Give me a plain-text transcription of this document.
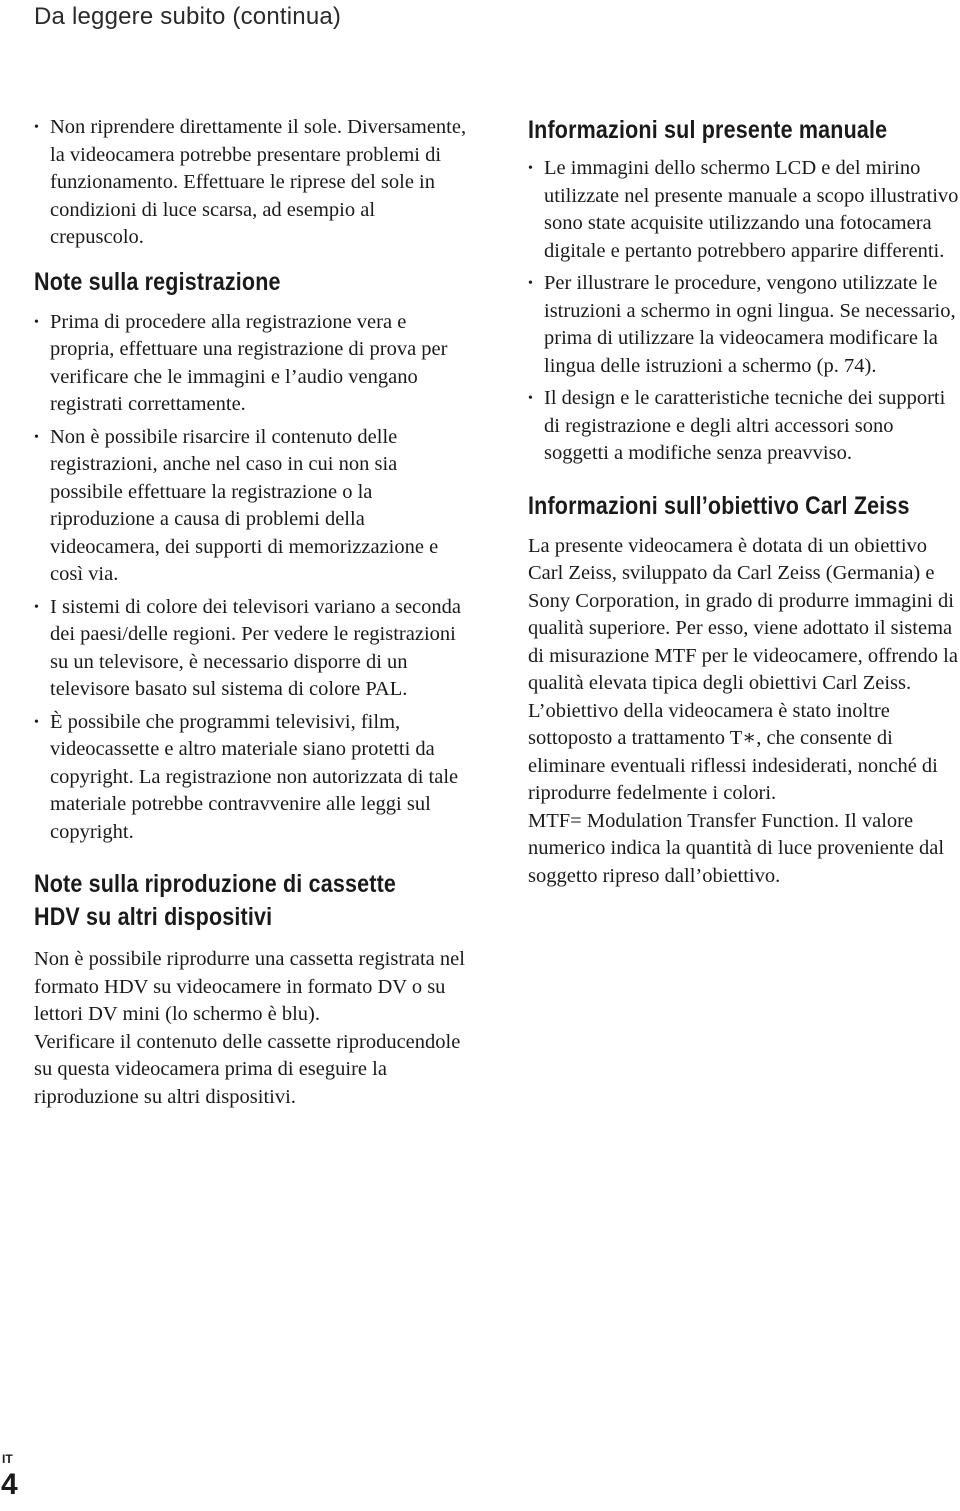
Da leggere subito (continua)
• Non riprendere direttamente il sole. Diversamente, la videocamera potrebbe presentare problemi di funzionamento. Effettuare le riprese del sole in condizioni di luce scarsa, ad esempio al crepuscolo.
Note sulla registrazione
• Prima di procedere alla registrazione vera e propria, effettuare una registrazione di prova per verificare che le immagini e l’audio vengano registrati correttamente.
• Non è possibile risarcire il contenuto delle registrazioni, anche nel caso in cui non sia possibile effettuare la registrazione o la riproduzione a causa di problemi della videocamera, dei supporti di memorizzazione e così via.
• I sistemi di colore dei televisori variano a seconda dei paesi/delle regioni. Per vedere le registrazioni su un televisore, è necessario disporre di un televisore basato sul sistema di colore PAL.
• È possibile che programmi televisivi, film, videocassette e altro materiale siano protetti da copyright. La registrazione non autorizzata di tale materiale potrebbe contravvenire alle leggi sul copyright.
Note sulla riproduzione di cassette
HDV su altri dispositivi

Non è possibile riprodurre una cassetta registrata nel formato HDV su videocamere in formato DV o su lettori DV mini (lo schermo è blu).

Verificare il contenuto delle cassette riproducendole su questa videocamera prima di eseguire la riproduzione su altri dispositivi.

Informazioni sul presente manuale
• Le immagini dello schermo LCD e del mirino utilizzate nel presente manuale a scopo illustrativo sono state acquisite utilizzando una fotocamera digitale e pertanto potrebbero apparire differenti.
• Per illustrare le procedure, vengono utilizzate le istruzioni a schermo in ogni lingua. Se necessario, prima di utilizzare la videocamera modificare la lingua delle istruzioni a schermo (p. 74).
• Il design e le caratteristiche tecniche dei supporti di registrazione e degli altri accessori sono soggetti a modifiche senza preavviso.
Informazioni sull’obiettivo Carl Zeiss

La presente videocamera è dotata di un obiettivo Carl Zeiss, sviluppato da Carl Zeiss (Germania) e Sony Corporation, in grado di produrre immagini di qualità superiore. Per esso, viene adottato il sistema di misurazione MTF per le videocamere, offrendo la qualità elevata tipica degli obiettivi Carl Zeiss. L’obiettivo della videocamera è stato inoltre sottoposto a trattamento T∗, che consente di eliminare eventuali riflessi indesiderati, nonché di riprodurre fedelmente i colori.

MTF= Modulation Transfer Function. Il valore numerico indica la quantità di luce proveniente dal soggetto ripreso dall’obiettivo.

IT
4
